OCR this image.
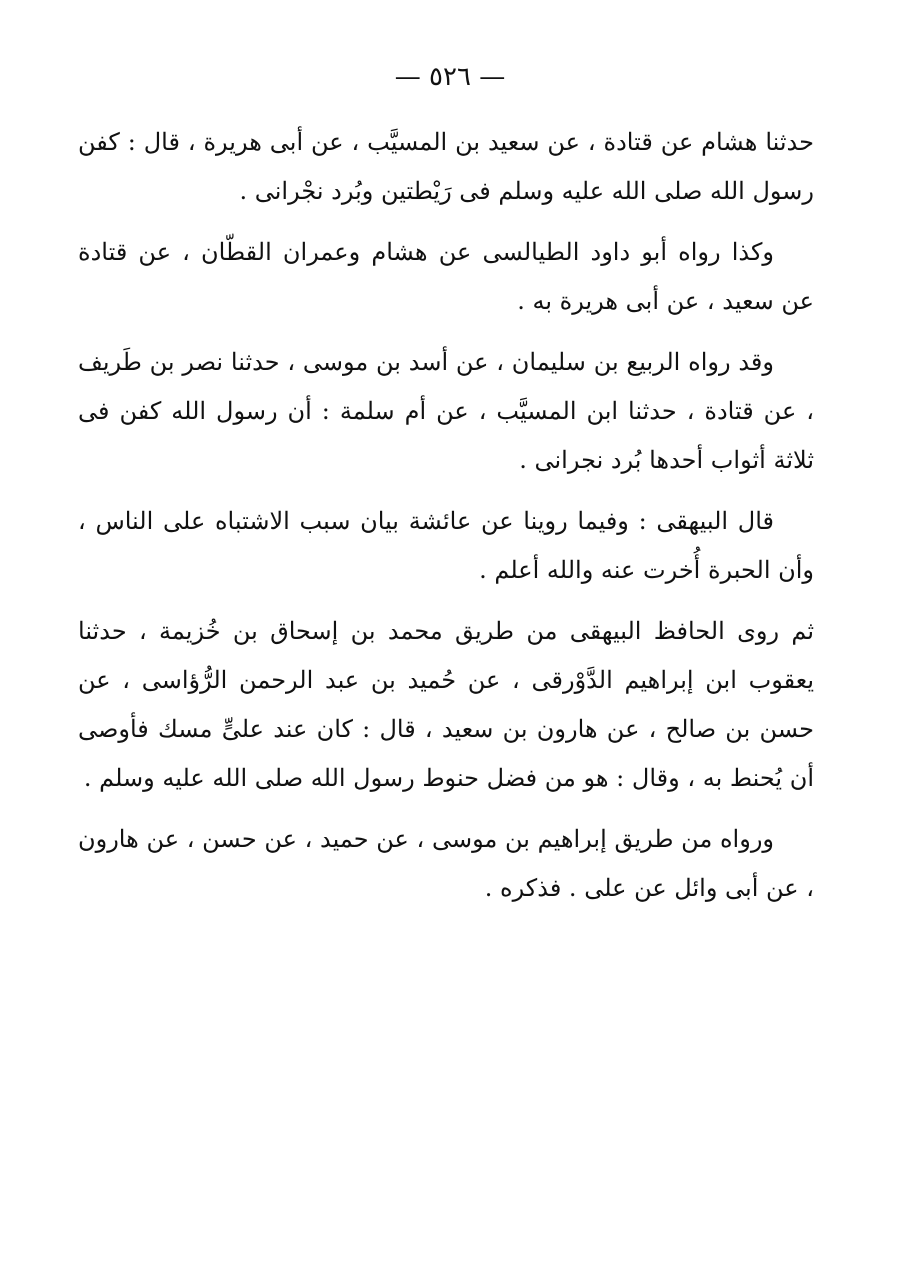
— ٥٢٦ —

حدثنا هشام عن قتادة ، عن سعيد بن المسيَّب ، عن أبى هريرة ، قال : كفن رسول الله صلى الله عليه وسلم فى رَيْطتين وبُرد نجْرانى .

وكذا رواه أبو داود الطيالسى عن هشام وعمران القطّان ، عن قتادة عن سعيد ، عن أبى هريرة به .

وقد رواه الربيع بن سليمان ، عن أسد بن موسى ، حدثنا نصر بن طَريف ، عن قتادة ، حدثنا ابن المسيَّب ، عن أم سلمة : أن رسول الله كفن فى ثلاثة أثواب أحدها بُرد نجرانى .

قال البيهقى : وفيما روينا عن عائشة بيان سبب الاشتباه على الناس ، وأن الحبرة أُخرت عنه والله أعلم .

ثم روى الحافظ البيهقى من طريق محمد بن إسحاق بن خُزيمة ، حدثنا يعقوب ابن إبراهيم الدَّوْرقى ، عن حُميد بن عبد الرحمن الرُّؤاسى ، عن حسن بن صالح ، عن هارون بن سعيد ، قال : كان عند علىٍّ مسك فأوصى أن يُحنط به ، وقال : هو من فضل حنوط رسول الله صلى الله عليه وسلم .

ورواه من طريق إبراهيم بن موسى ، عن حميد ، عن حسن ، عن هارون ، عن أبى وائل عن على . فذكره .
